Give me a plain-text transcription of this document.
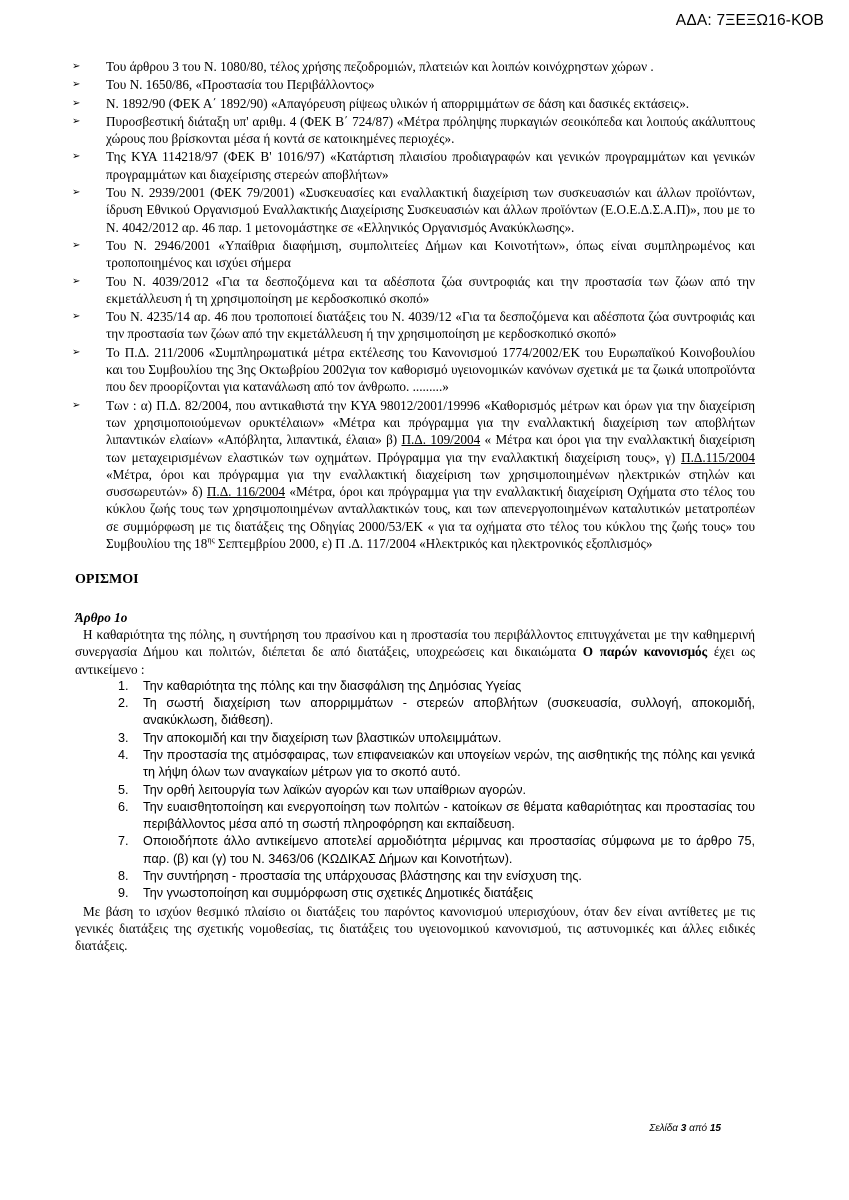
ΑΔΑ: 7ΞΕΞΩ16-ΚΟΒ
➢ Του άρθρου 3 του Ν. 1080/80, τέλος χρήσης πεζοδρομιών, πλατειών και λοιπών κοινόχρηστων χώρων .
➢ Του Ν. 1650/86, «Προστασία του Περιβάλλοντος»
➢ Ν. 1892/90 (ΦΕΚ Α΄ 1892/90) «Απαγόρευση ρίψεως υλικών ή απορριμμάτων σε δάση και δασικές εκτάσεις».
➢ Πυροσβεστική διάταξη υπ' αριθμ. 4 (ΦΕΚ Β΄ 724/87) «Μέτρα πρόληψης πυρκαγιών σεοικόπεδα και λοιπούς ακάλυπτους χώρους που βρίσκονται μέσα ή κοντά σε κατοικημένες περιοχές».
➢ Της ΚΥΑ 114218/97 (ΦΕΚ Β' 1016/97) «Κατάρτιση πλαισίου προδιαγραφών και γενικών προγραμμάτων και γενικών προγραμμάτων και διαχείρισης στερεών αποβλήτων»
➢ Του Ν. 2939/2001 (ΦΕΚ 79/2001) «Συσκευασίες και εναλλακτική διαχείριση των συσκευασιών και άλλων προϊόντων, ίδρυση Εθνικού Οργανισμού Εναλλακτικής Διαχείρισης Συσκευασιών και άλλων προϊόντων (Ε.Ο.Ε.Δ.Σ.Α.Π)», που με το Ν. 4042/2012 αρ. 46 παρ. 1 μετονομάστηκε σε «Ελληνικός Οργανισμός Ανακύκλωσης».
➢ Του Ν. 2946/2001 «Υπαίθρια διαφήμιση, συμπολιτείες Δήμων και Κοινοτήτων», όπως είναι συμπληρωμένος και τροποποιημένος και ισχύει σήμερα
➢ Του Ν. 4039/2012 «Για τα δεσποζόμενα και τα αδέσποτα ζώα συντροφιάς και την προστασία των ζώων από την εκμετάλλευση ή τη χρησιμοποίηση με κερδοσκοπικό σκοπό»
➢ Του Ν. 4235/14 αρ. 46 που τροποποιεί διατάξεις του Ν. 4039/12 «Για τα δεσποζόμενα και αδέσποτα ζώα συντροφιάς και την προστασία των ζώων από την εκμετάλλευση ή την χρησιμοποίηση με κερδοσκοπικό σκοπό»
➢ Το Π.Δ. 211/2006 «Συμπληρωματικά μέτρα εκτέλεσης του Κανονισμού 1774/2002/ΕΚ του Ευρωπαϊκού Κοινοβουλίου και του Συμβουλίου της 3ης Οκτωβρίου 2002για τον καθορισμό υγειονομικών κανόνων σχετικά με τα ζωικά υποπροϊόντα που δεν προορίζονται για κατανάλωση από τον άνθρωπο. .........»
➢ Των : α) Π.Δ. 82/2004, που αντικαθιστά την ΚΥΑ 98012/2001/19996 «Καθορισμός μέτρων και όρων για την διαχείριση των χρησιμοποιούμενων ορυκτέλαιων» «Μέτρα και πρόγραμμα για την εναλλακτική διαχείριση των αποβλήτων λιπαντικών ελαίων» «Απόβλητα, λιπαντικά, έλαια» β) Π.Δ. 109/2004 « Μέτρα και όροι για την εναλλακτική διαχείριση των μεταχειρισμένων ελαστικών των οχημάτων. Πρόγραμμα για την εναλλακτική διαχείριση τους», γ) Π.Δ.115/2004 «Μέτρα, όροι και πρόγραμμα για την εναλλακτική διαχείριση των χρησιμοποιημένων ηλεκτρικών στηλών και συσσωρευτών» δ) Π.Δ. 116/2004 «Μέτρα, όροι και πρόγραμμα για την εναλλακτική διαχείριση Οχήματα στο τέλος του κύκλου ζωής τους των χρησιμοποιημένων ανταλλακτικών τους, και των απενεργοποιημένων καταλυτικών μετατροπέων σε συμμόρφωση με τις διατάξεις της Οδηγίας 2000/53/ΕΚ « για τα οχήματα στο τέλος του κύκλου της ζωής τους» του Συμβουλίου της $18^{\eta\varsigma}$ Σεπτεμβρίου 2000, ε) Π .Δ. 117/2004 «Ηλεκτρικός και ηλεκτρονικός εξοπλισμός»
ΟΡΙΣΜΟΙ
Άρθρο 1ο
Η καθαριότητα της πόλης, η συντήρηση του πρασίνου και η προστασία του περιβάλλοντος επιτυγχάνεται με την καθημερινή συνεργασία Δήμου και πολιτών, διέπεται δε από διατάξεις, υποχρεώσεις και δικαιώματα Ο παρών κανονισμός έχει ως αντικείμενο :
1. Την καθαριότητα της πόλης και την διασφάλιση της Δημόσιας Υγείας
2. Τη σωστή διαχείριση των απορριμμάτων - στερεών αποβλήτων (συσκευασία, συλλογή, αποκομιδή, ανακύκλωση, διάθεση).
3. Την αποκομιδή και την διαχείριση των βλαστικών υπολειμμάτων.
4. Την προστασία της ατμόσφαιρας, των επιφανειακών και υπογείων νερών, της αισθητικής της πόλης και γενικά τη λήψη όλων των αναγκαίων μέτρων για το σκοπό αυτό.
5. Την ορθή λειτουργία των λαϊκών αγορών και των υπαίθριων αγορών.
6. Την ευαισθητοποίηση και ενεργοποίηση των πολιτών - κατοίκων σε θέματα καθαριότητας και προστασίας του περιβάλλοντος μέσα από τη σωστή πληροφόρηση και εκπαίδευση.
7. Οποιοδήποτε άλλο αντικείμενο αποτελεί αρμοδιότητα μέριμνας και προστασίας σύμφωνα με το άρθρο 75, παρ. (β) και (γ) του Ν. 3463/06 (ΚΩΔΙΚΑΣ Δήμων και Κοινοτήτων).
8. Την συντήρηση - προστασία της υπάρχουσας βλάστησης και την ενίσχυση της.
9. Την γνωστοποίηση και συμμόρφωση στις σχετικές Δημοτικές διατάξεις
Με βάση το ισχύον θεσμικό πλαίσιο οι διατάξεις του παρόντος κανονισμού υπερισχύουν, όταν δεν είναι αντίθετες με τις γενικές διατάξεις της σχετικής νομοθεσίας, τις διατάξεις του υγειονομικού κανονισμού, τις αστυνομικές και άλλες ειδικές διατάξεις.
Σελίδα 3 από 15
